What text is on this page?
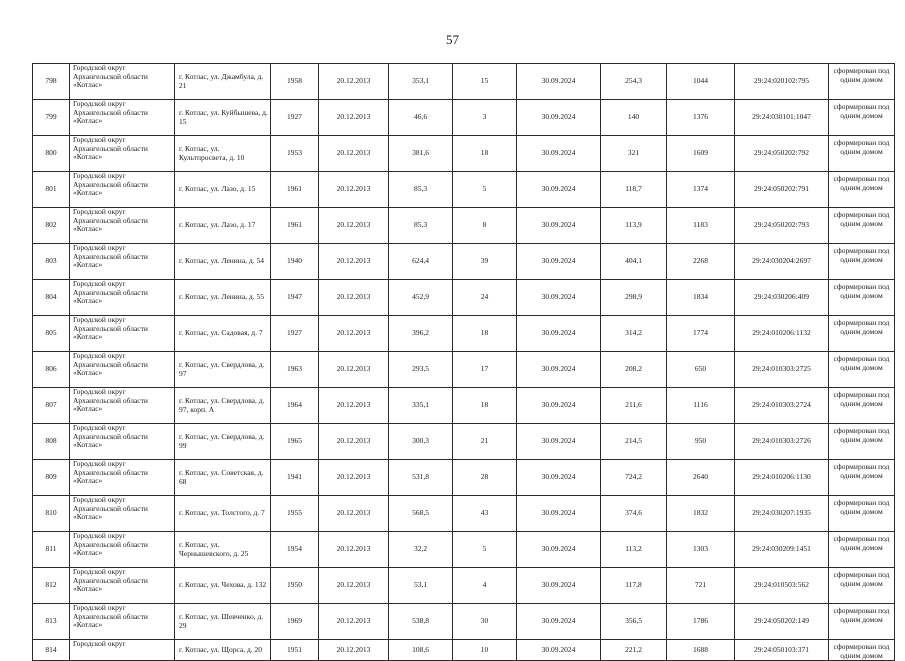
57
798	Городской округ Архангельской области «Котлас»	г. Котлас, ул. Джамбула, д. 21	1958	20.12.2013	353,1	15	30.09.2024	254,3	1044	29:24:020102:795	сформирован под одним домом
799	Городской округ Архангельской области «Котлас»	г. Котлас, ул. Куйбышева, д. 15	1927	20.12.2013	46,6	3	30.09.2024	140	1376	29:24:030101:1047	сформирован под одним домом
800	Городской округ Архангельской области «Котлас»	г. Котлас, ул. Культпросвета, д. 10	1953	20.12.2013	381,6	18	30.09.2024	321	1609	29:24:050202:792	сформирован под одним домом
801	Городской округ Архангельской области «Котлас»	г. Котлас, ул. Лазо, д. 15	1961	20.12.2013	85,3	5	30.09.2024	118,7	1374	29:24:050202:791	сформирован под одним домом
802	Городской округ Архангельской области «Котлас»	г. Котлас, ул. Лазо, д. 17	1961	20.12.2013	85,3	8	30.09.2024	113,9	1183	29:24:050202:793	сформирован под одним домом
803	Городской округ Архангельской области «Котлас»	г. Котлас, ул. Ленина, д. 54	1940	20.12.2013	624,4	39	30.09.2024	404,1	2268	29:24:030204:2697	сформирован под одним домом
804	Городской округ Архангельской области «Котлас»	г. Котлас, ул. Ленина, д. 55	1947	20.12.2013	452,9	24	30.09.2024	298,9	1834	29:24:030206:409	сформирован под одним домом
805	Городской округ Архангельской области «Котлас»	г. Котлас, ул. Садовая, д. 7	1927	20.12.2013	396,2	18	30.09.2024	314,2	1774	29:24:010206:1132	сформирован под одним домом
806	Городской округ Архангельской области «Котлас»	г. Котлас, ул. Свердлова, д. 97	1963	20.12.2013	293,5	17	30.09.2024	208,2	650	29:24:010303:2725	сформирован под одним домом
807	Городской округ Архангельской области «Котлас»	г. Котлас, ул. Свердлова, д. 97, корп. А	1964	20.12.2013	335,1	18	30.09.2024	211,6	1116	29:24:010303:2724	сформирован под одним домом
808	Городской округ Архангельской области «Котлас»	г. Котлас, ул. Свердлова, д. 99	1965	20.12.2013	300,3	21	30.09.2024	214,5	950	29:24:010303:2726	сформирован под одним домом
809	Городской округ Архангельской области «Котлас»	г. Котлас, ул. Советская, д. 68	1941	20.12.2013	531,8	28	30.09.2024	724,2	2640	29:24:010206:1130	сформирован под одним домом
810	Городской округ Архангельской области «Котлас»	г. Котлас, ул. Толстого, д. 7	1955	20.12.2013	568,5	43	30.09.2024	374,6	1832	29:24:030207:1935	сформирован под одним домом
811	Городской округ Архангельской области «Котлас»	г. Котлас, ул. Чернышевского, д. 25	1954	20.12.2013	32,2	5	30.09.2024	113,2	1303	29:24:030209:1451	сформирован под одним домом
812	Городской округ Архангельской области «Котлас»	г. Котлас, ул. Чехова, д. 132	1950	20.12.2013	53,1	4	30.09.2024	117,8	721	29:24:010503:562	сформирован под одним домом
813	Городской округ Архангельской области «Котлас»	г. Котлас, ул. Шевченко, д. 29	1969	20.12.2013	538,8	30	30.09.2024	356,5	1786	29:24:050202:149	сформирован под одним домом
814	Городской округ	г. Котлас, ул. Щорса, д. 20	1951	20.12.2013	108,6	10	30.09.2024	221,2	1688	29:24:050103:371	сформирован под одним домом
